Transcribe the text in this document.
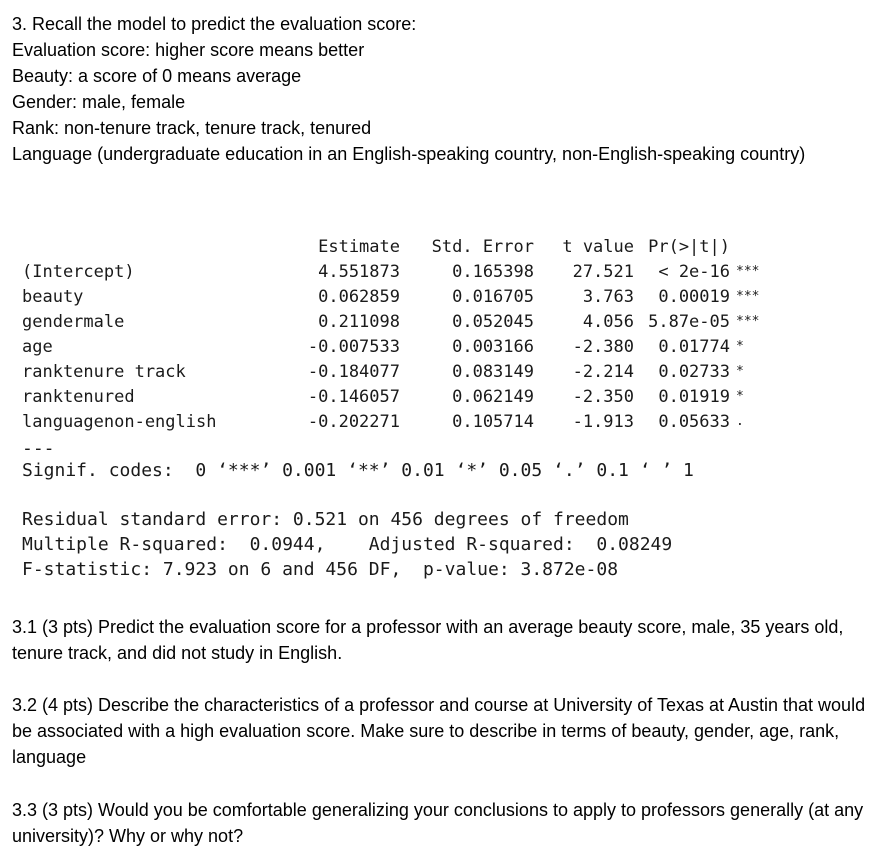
3. Recall the model to predict the evaluation score:
Evaluation score: higher score means better
Beauty: a score of 0 means average
Gender: male, female
Rank: non-tenure track, tenure track, tenured
Language (undergraduate education in an English-speaking country, non-English-speaking country)
	Estimate	Std. Error	t value	Pr(>|t|)	
(Intercept)	4.551873	0.165398	27.521	< 2e-16	***
beauty	0.062859	0.016705	3.763	0.00019	***
gendermale	0.211098	0.052045	4.056	5.87e-05	***
age	-0.007533	0.003166	-2.380	0.01774	*
ranktenure track	-0.184077	0.083149	-2.214	0.02733	*
ranktenured	-0.146057	0.062149	-2.350	0.01919	*
languagenon-english	-0.202271	0.105714	-1.913	0.05633	.
---
Signif. codes:  0 ‘***’ 0.001 ‘**’ 0.01 ‘*’ 0.05 ‘.’ 0.1 ‘ ’ 1
Residual standard error: 0.521 on 456 degrees of freedom
Multiple R-squared:  0.0944,	Adjusted R-squared:  0.08249
F-statistic: 7.923 on 6 and 456 DF,  p-value: 3.872e-08
3.1 (3 pts) Predict the evaluation score for a professor with an average beauty score, male, 35 years old, tenure track, and did not study in English.
3.2 (4 pts) Describe the characteristics of a professor and course at University of Texas at Austin that would be associated with a high evaluation score. Make sure to describe in terms of beauty, gender, age, rank, language
3.3 (3 pts) Would you be comfortable generalizing your conclusions to apply to professors generally (at any university)? Why or why not?
